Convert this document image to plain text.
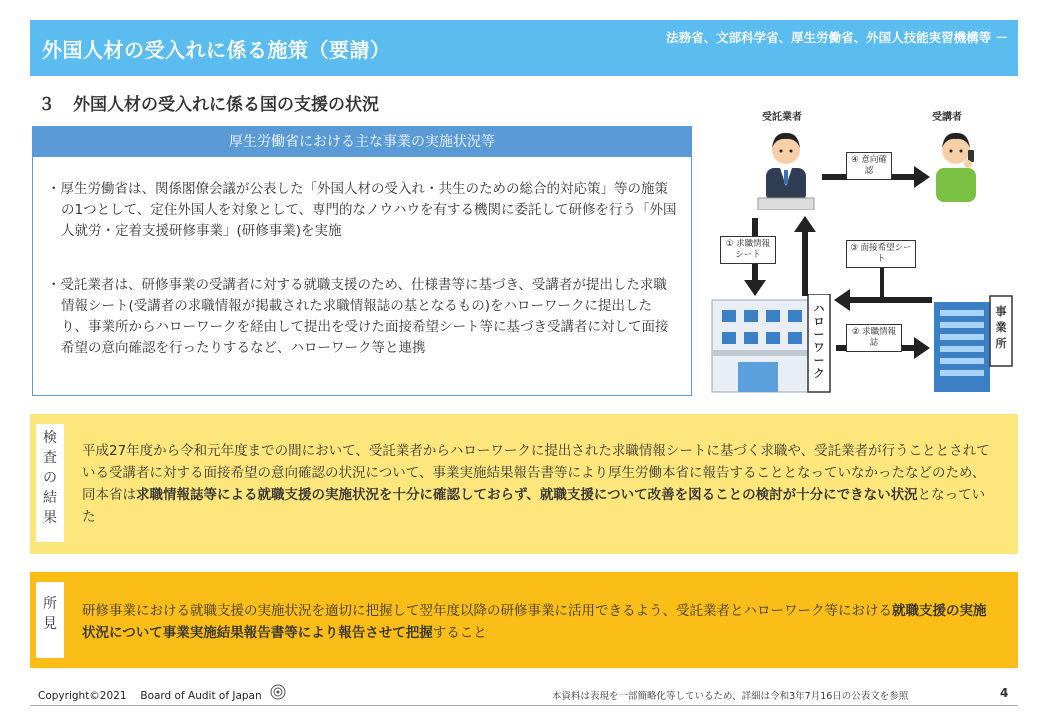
外国人材の受入れに係る施策（要請）
法務省、文部科学省、厚生労働省、外国人技能実習機構等 －
３ 外国人材の受入れに係る国の支援の状況
厚生労働省における主な事業の実施状況等
・厚生労働省は、関係閣僚会議が公表した「外国人材の受入れ・共生のための総合的対応策」等の施策の1つとして、定住外国人を対象として、専門的なノウハウを有する機関に委託して研修を行う「外国人就労・定着支援研修事業」(研修事業)を実施
・受託業者は、研修事業の受講者に対する就職支援のため、仕様書等に基づき、受講者が提出した求職情報シート(受講者の求職情報が掲載された求職情報誌の基となるもの)をハローワークに提出したり、事業所からハローワークを経由して提出を受けた面接希望シート等に基づき受講者に対して面接希望の意向確認を行ったりするなど、ハローワーク等と連携
受託業者	受講者
ハローワーク
事業所
④ 意向確認
① 求職情報シート
③ 面接希望シート
② 求職情報誌
検
査
の
結
果
平成27年度から令和元年度までの間において、受託業者からハローワークに提出された求職情報シートに基づく求職や、受託業者が行うこととされている受講者に対する面接希望の意向確認の状況について、事業実施結果報告書等により厚生労働本省に報告することとなっていなかったなどのため、同本省は求職情報誌等による就職支援の実施状況を十分に確認しておらず、就職支援について改善を図ることの検討が十分にできない状況となっていた
所
見
研修事業における就職支援の実施状況を適切に把握して翌年度以降の研修事業に活用できるよう、受託業者とハローワーク等における就職支援の実施状況について事業実施結果報告書等により報告させて把握すること
Copyright©2021　 Board of Audit of Japan	本資料は表現を一部簡略化等しているため、詳細は令和3年7月16日の公表文を参照	4
